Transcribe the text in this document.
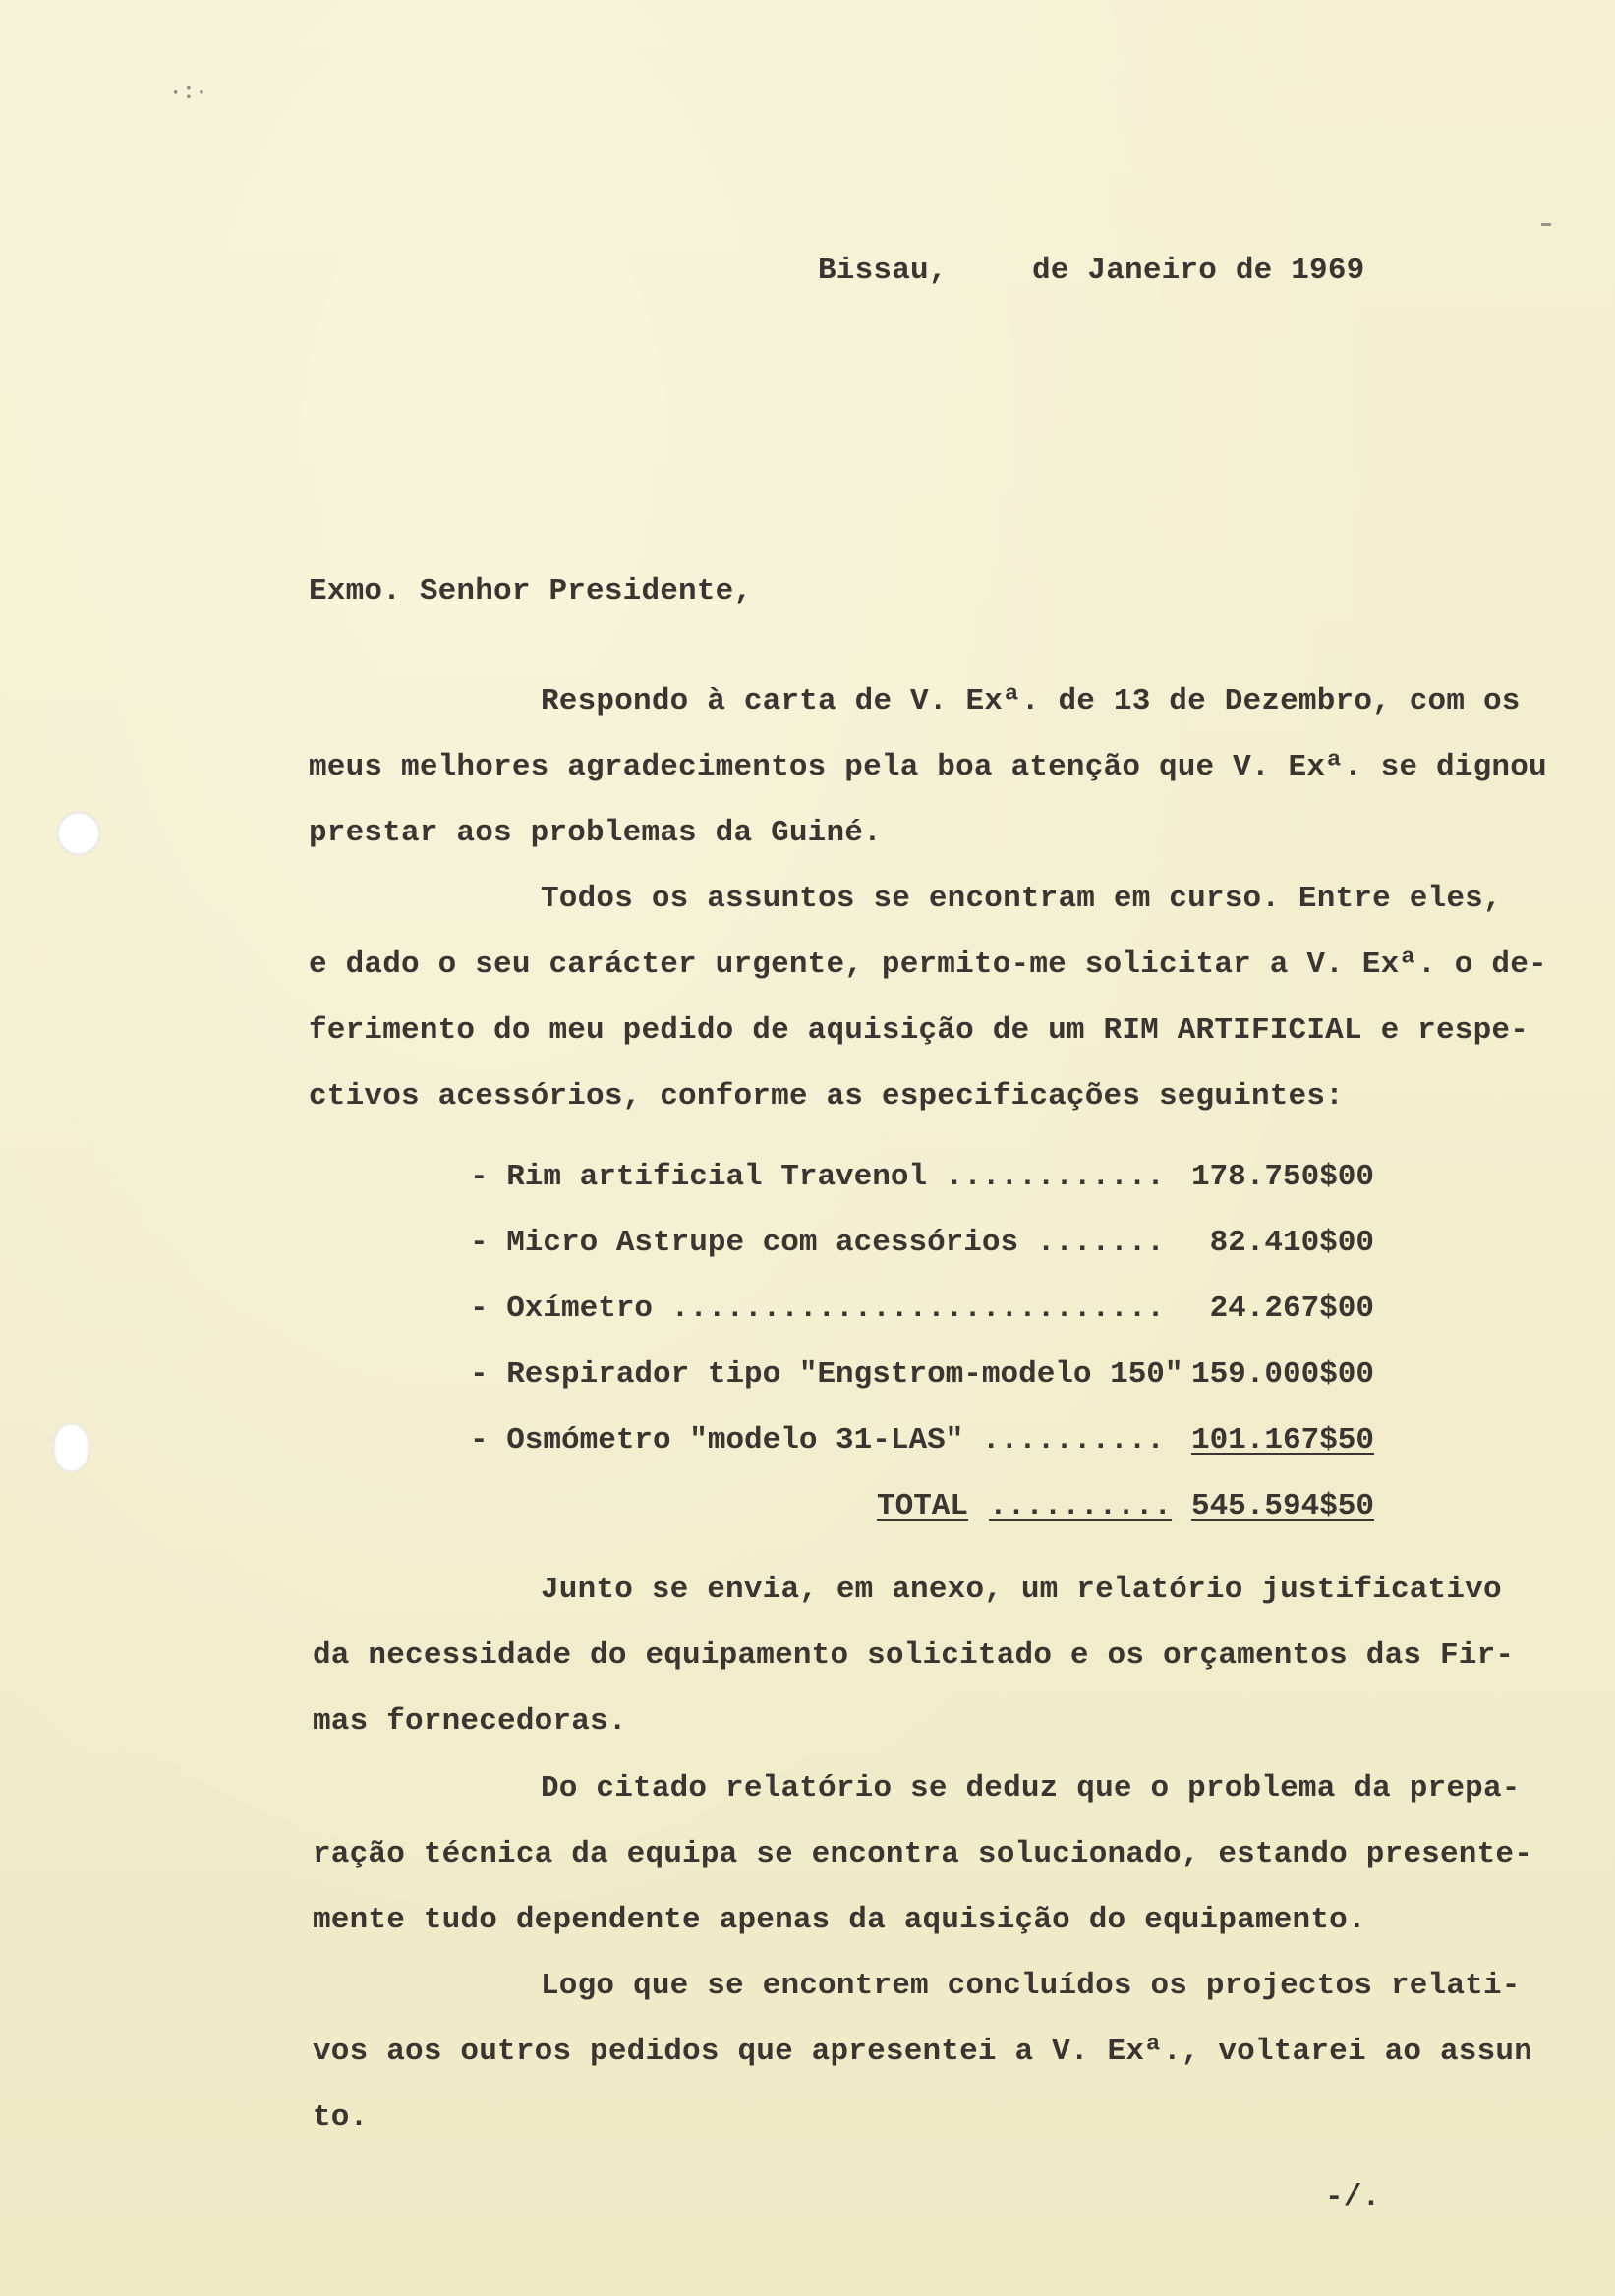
·:·
Bissau,	de Janeiro de 1969
Exmo. Senhor Presidente,
Respondo à carta de V. Exª. de 13 de Dezembro, com os
meus melhores agradecimentos pela boa atenção que V. Exª. se dignou
prestar aos problemas da Guiné.
Todos os assuntos se encontram em curso. Entre eles,
e dado o seu carácter urgente, permito-me solicitar a V. Exª. o de-
ferimento do meu pedido de aquisição de um RIM ARTIFICIAL e respe-
ctivos acessórios, conforme as especificações seguintes:
- Rim artificial Travenol ............ 178.750$00
- Micro Astrupe com acessórios ....... 82.410$00
- Oxímetro ........................... 24.267$00
- Respirador tipo "Engstrom-modelo 150" 159.000$00
- Osmómetro "modelo 31-LAS" .......... 101.167$50
TOTAL .......... 545.594$50
Junto se envia, em anexo, um relatório justificativo
da necessidade do equipamento solicitado e os orçamentos das Fir-
mas fornecedoras.
Do citado relatório se deduz que o problema da prepa-
ração técnica da equipa se encontra solucionado, estando presente-
mente tudo dependente apenas da aquisição do equipamento.
Logo que se encontrem concluídos os projectos relati-
vos aos outros pedidos que apresentei a V. Exª., voltarei ao assun
to.
-/.
